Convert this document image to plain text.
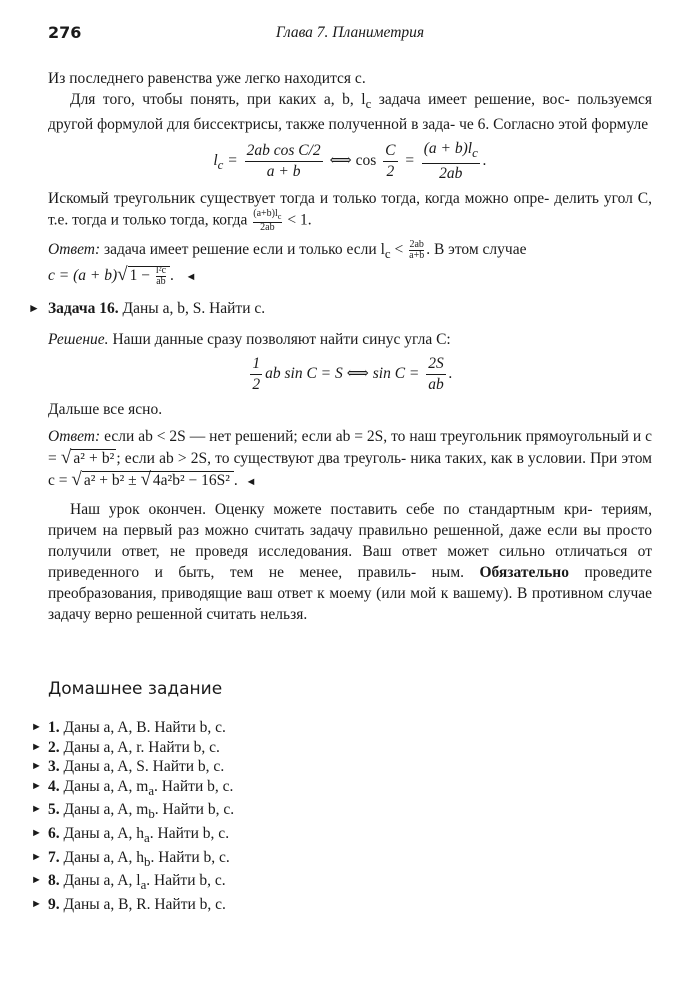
276	Глава 7. Планиметрия

Из последнего равенства уже легко находится c.

Для того, чтобы понять, при каких a, b, $l_c$ задача имеет решение, вос- пользуемся другой формулой для биссектрисы, также полученной в зада- че 6. Согласно этой формуле

$l_c = \frac{\text{2ab cos C/2}}{a + b}$ ⟺ $\cos \frac{C}{2} = \frac{(a + b)l_c}{2ab}$ .

Искомый треугольник существует тогда и только тогда, когда можно опре- делить угол C, т.е. тогда и только тогда, когда $\frac{(a+b)l_c}{2ab} < 1$.

Ответ: задача имеет решение если и только если $l_c < \frac{2ab}{a+b}$ . В этом случае
c = (a + b)√ $1 - \frac{\text{l²c}}{ab}$ . ◄

► Задача 16. Даны a, b, S. Найти c.

Решение. Наши данные сразу позволяют найти синус угла C:

$\frac{1}{2}$ ab sin C = S ⟺ $\sin C = \frac{2S}{ab}$ .

Дальше все ясно.

Ответ: если ab < 2S — нет решений; если ab = 2S, то наш треугольник прямоугольный и c = √ a² + b² ; если ab > 2S, то существуют два треуголь- ника таких, как в условии. При этом c = √ a² + b² ± √ 4a²b² − 16S² . ◄

Наш урок окончен. Оценку можете поставить себе по стандартным кри- териям, причем на первый раз можно считать задачу правильно решенной, даже если вы просто получили ответ, не проведя исследования. Ваш ответ может сильно отличаться от приведенного и быть, тем не менее, правиль- ным. Обязательно проведите преобразования, приводящие ваш ответ к моему (или мой к вашему). В противном случае задачу верно решенной считать нельзя.

Домашнее задание
► 1. Даны a, A, B. Найти b, c.
► 2. Даны a, A, r. Найти b, c.
► 3. Даны a, A, S. Найти b, c.
► 4. Даны a, A, $m_a$. Найти b, c.
► 5. Даны a, A, $m_b$. Найти b, c.
► 6. Даны a, A, $h_a$. Найти b, c.
► 7. Даны a, A, $h_b$. Найти b, c.
► 8. Даны a, A, $l_a$. Найти b, c.
► 9. Даны a, B, R. Найти b, c.
